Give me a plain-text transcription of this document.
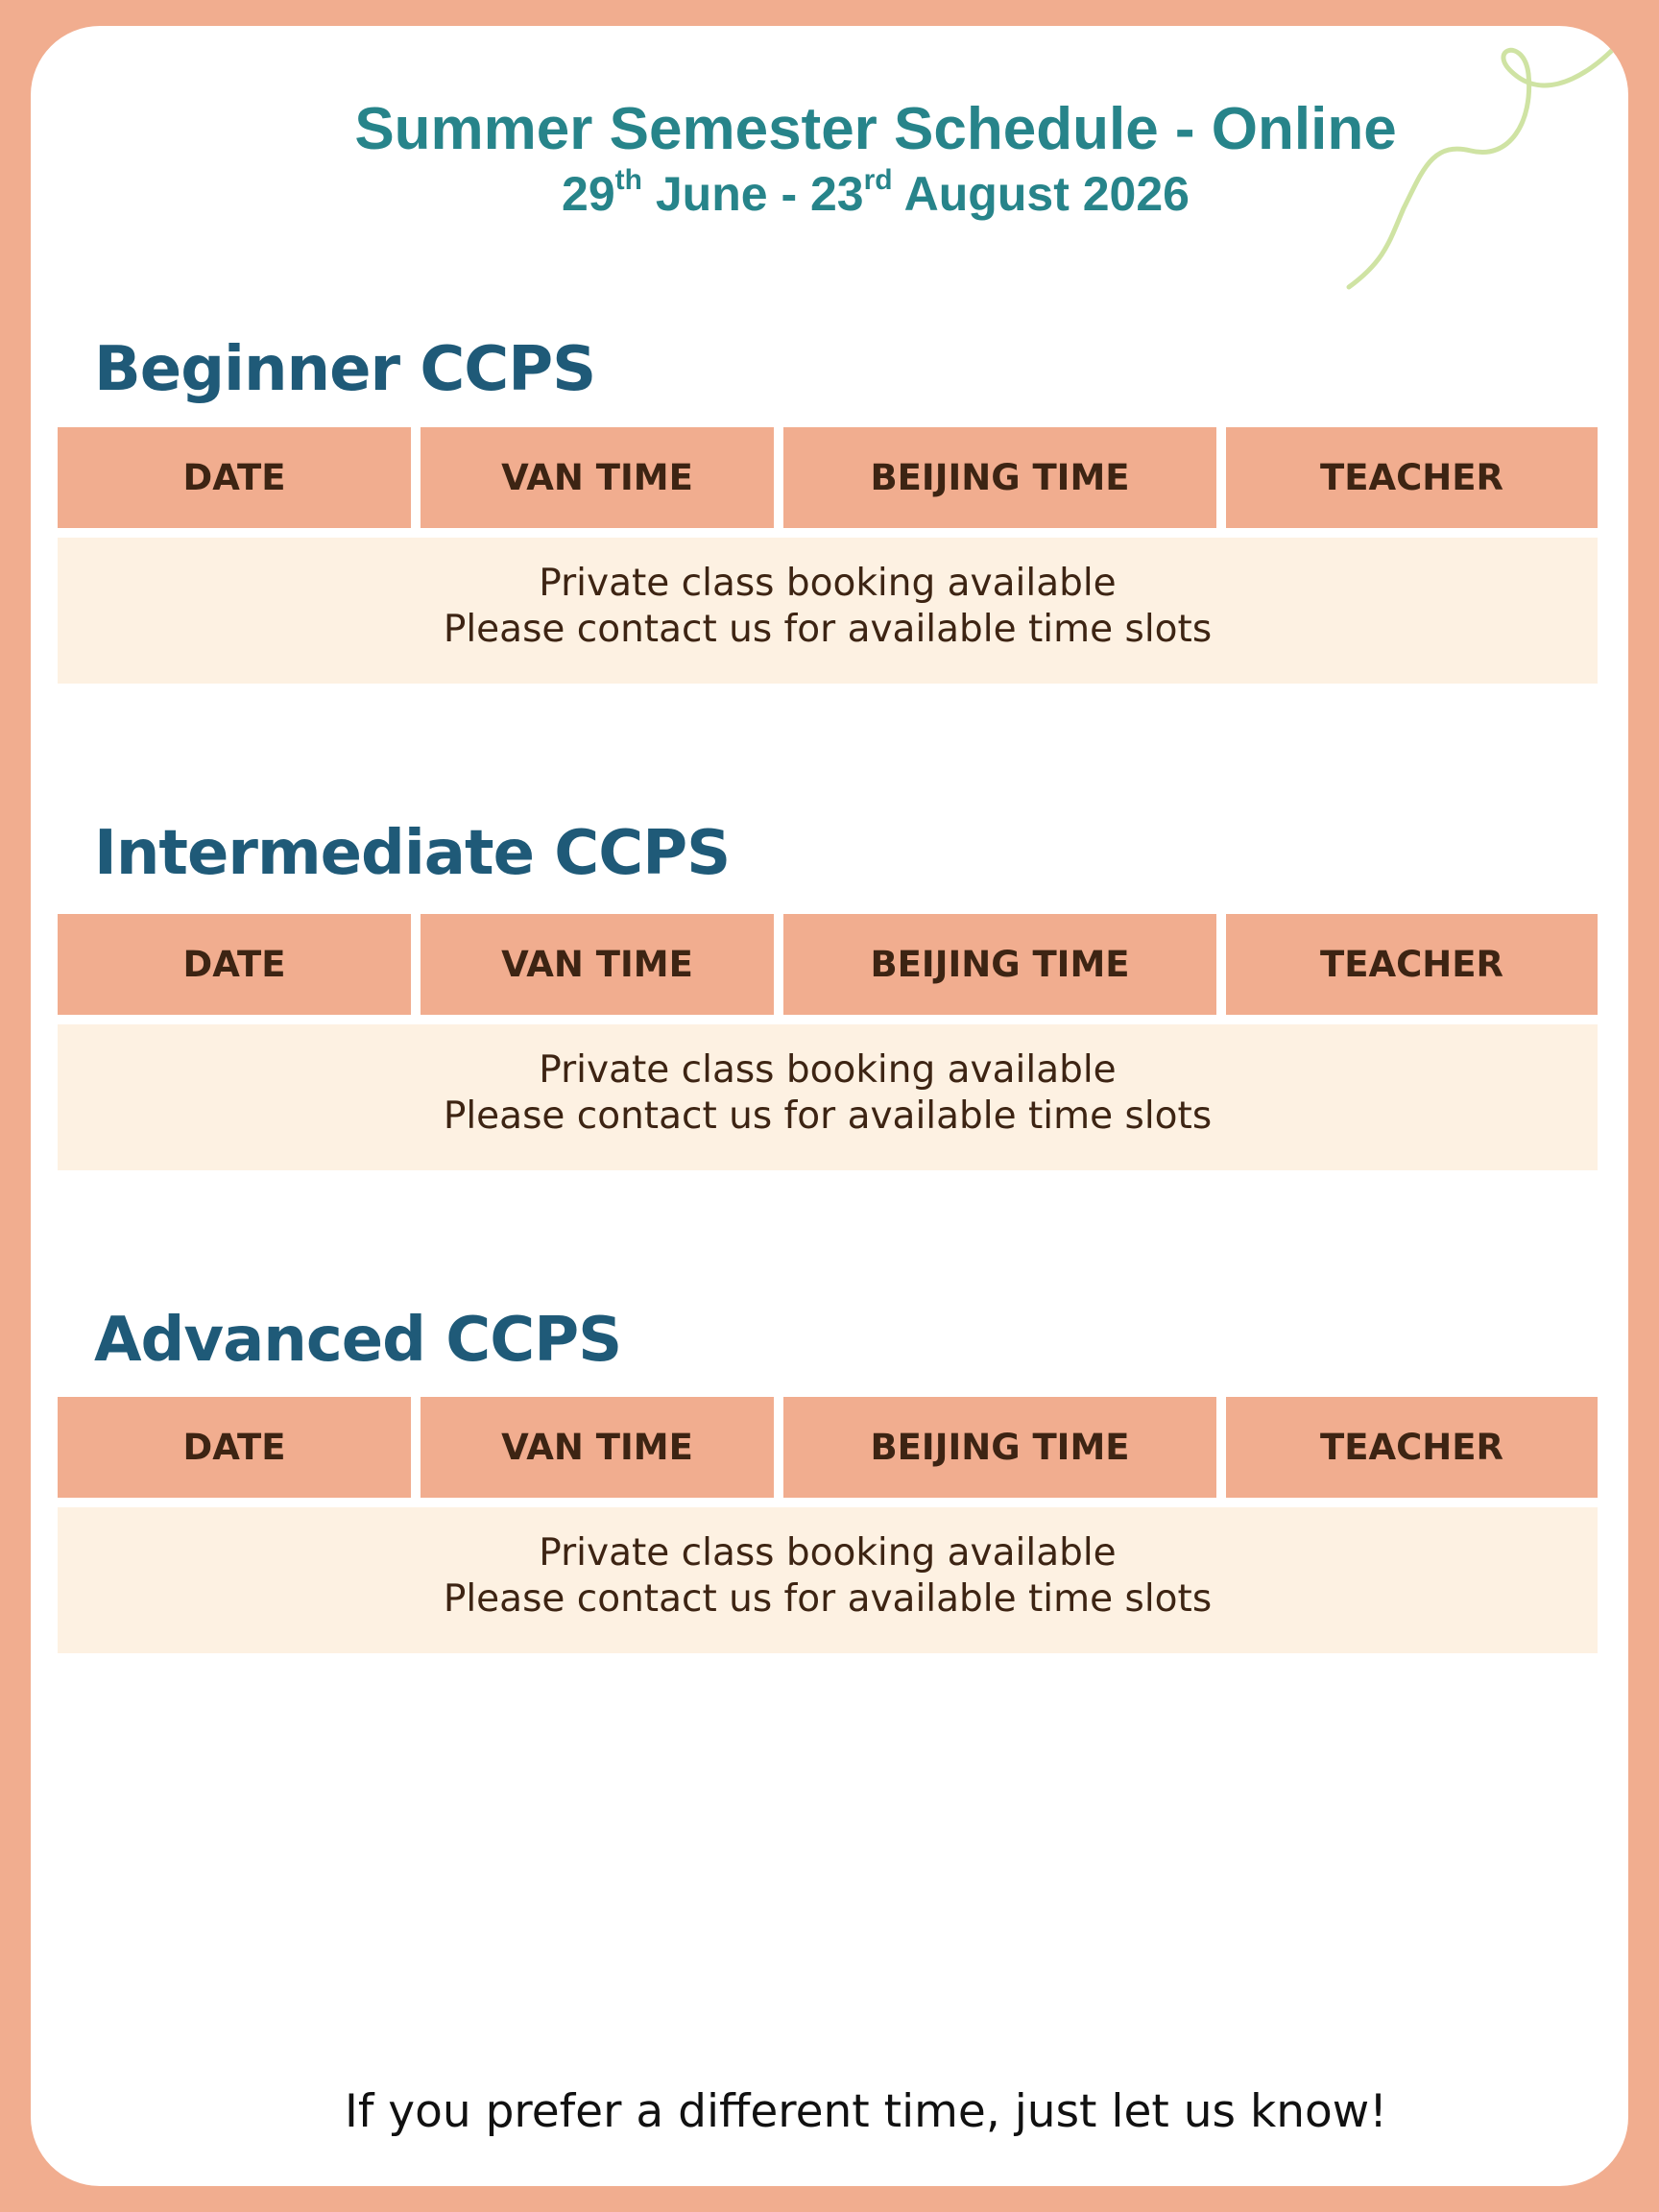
Summer Semester Schedule - Online
29th June - 23rd August 2026
Beginner CCPS
DATE	VAN TIME	BEIJING TIME	TEACHER
Private class booking available
Please contact us for available time slots
Intermediate CCPS
DATE	VAN TIME	BEIJING TIME	TEACHER
Private class booking available
Please contact us for available time slots
Advanced CCPS
DATE	VAN TIME	BEIJING TIME	TEACHER
Private class booking available
Please contact us for available time slots
If you prefer a different time, just let us know!
